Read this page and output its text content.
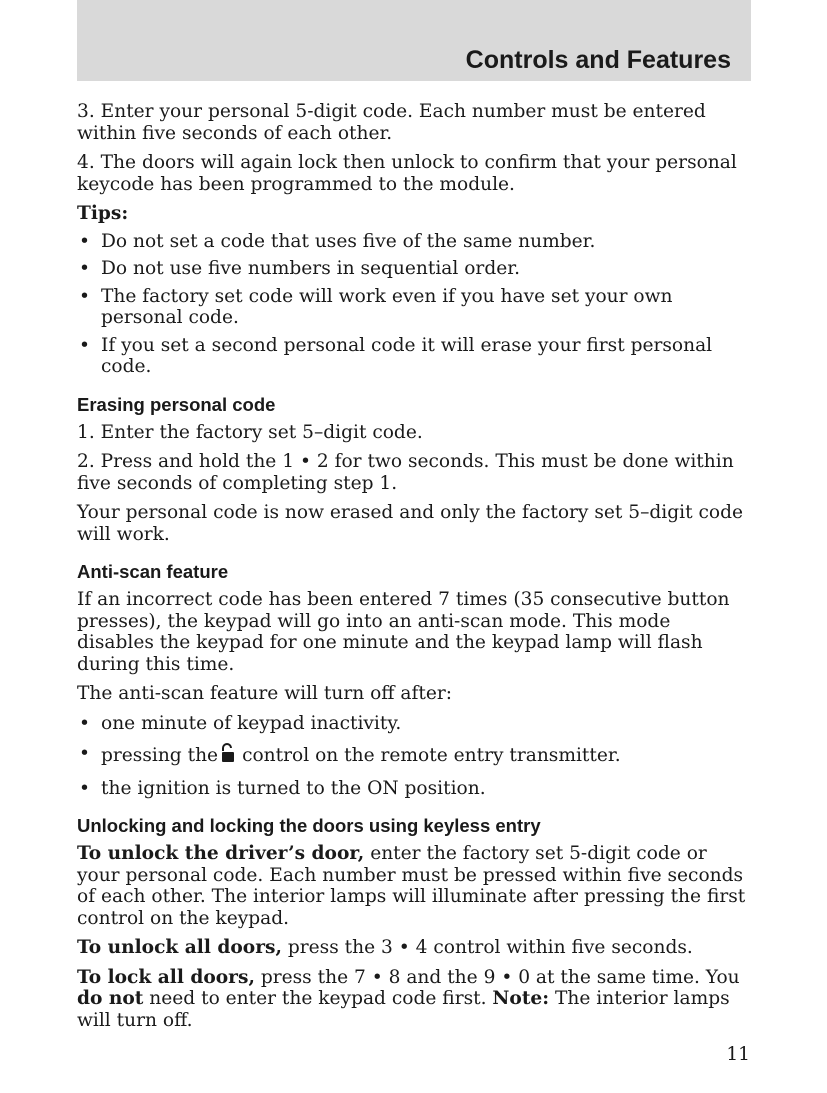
Controls and Features

3. Enter your personal 5-digit code. Each number must be entered within five seconds of each other.

4. The doors will again lock then unlock to confirm that your personal keycode has been programmed to the module.

Tips:

• Do not set a code that uses five of the same number.
• Do not use five numbers in sequential order.
• The factory set code will work even if you have set your own personal code.
• If you set a second personal code it will erase your first personal code.
Erasing personal code

1. Enter the factory set 5–digit code.

2. Press and hold the 1 • 2 for two seconds. This must be done within five seconds of completing step 1.

Your personal code is now erased and only the factory set 5–digit code will work.

Anti-scan feature

If an incorrect code has been entered 7 times (35 consecutive button presses), the keypad will go into an anti-scan mode. This mode disables the keypad for one minute and the keypad lamp will flash during this time.

The anti-scan feature will turn off after:

• one minute of keypad inactivity.
• pressing the control on the remote entry transmitter.
• the ignition is turned to the ON position.
Unlocking and locking the doors using keyless entry

To unlock the driver’s door, enter the factory set 5-digit code or your personal code. Each number must be pressed within five seconds of each other. The interior lamps will illuminate after pressing the first control on the keypad.

To unlock all doors, press the 3 • 4 control within five seconds.

To lock all doors, press the 7 • 8 and the 9 • 0 at the same time. You do not need to enter the keypad code first. Note: The interior lamps will turn off.

11
